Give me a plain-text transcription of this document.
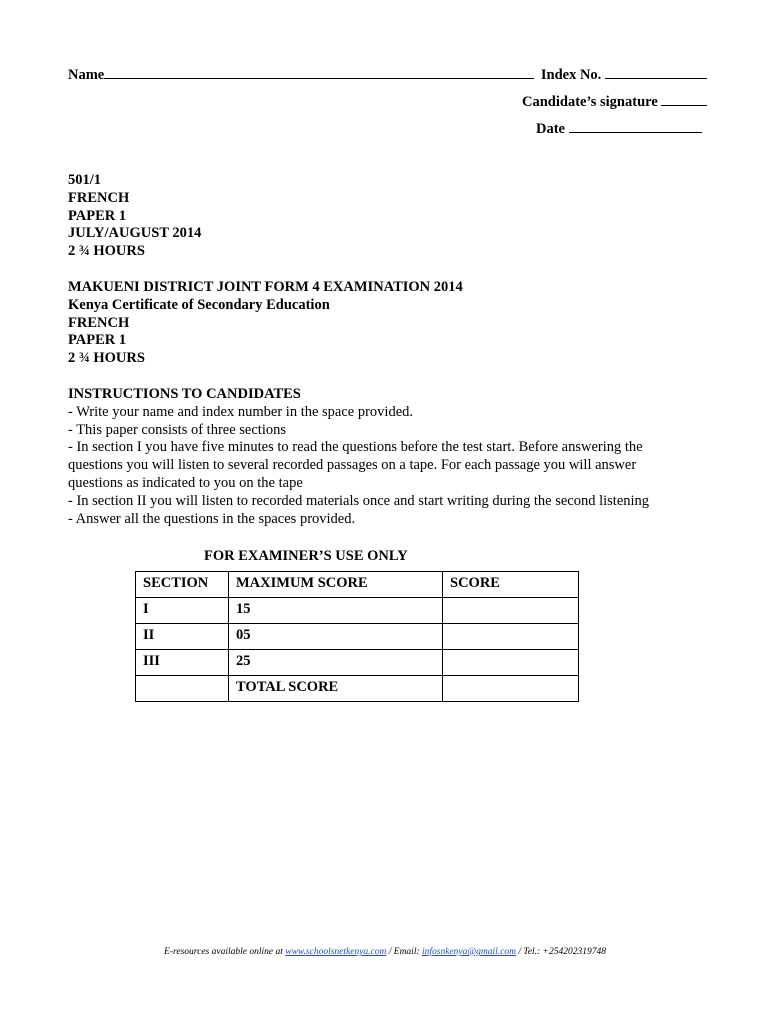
Name	Index No.
Candidate’s signature
Date
501/1
FRENCH
PAPER 1
JULY/AUGUST 2014
2 ¾ HOURS
MAKUENI DISTRICT JOINT FORM 4 EXAMINATION 2014
Kenya Certificate of Secondary Education
FRENCH
PAPER 1
2 ¾ HOURS
INSTRUCTIONS TO CANDIDATES
- Write your name and index number in the space provided.
- This paper consists of three sections
- In section I you have five minutes to read the questions before the test start. Before answering the
questions you will listen to several recorded passages on a tape. For each passage you will answer
questions as indicated to you on the tape
- In section II you will listen to recorded materials once and start writing during the second listening
- Answer all the questions in the spaces provided.
FOR EXAMINER’S USE ONLY
SECTION	MAXIMUM SCORE	SCORE
I	15	
II	05	
III	25	
	TOTAL SCORE	
E-resources available online at www.schoolsnetkenya.com / Email: infosnkenya@gmail.com / Tel.: +254202319748
